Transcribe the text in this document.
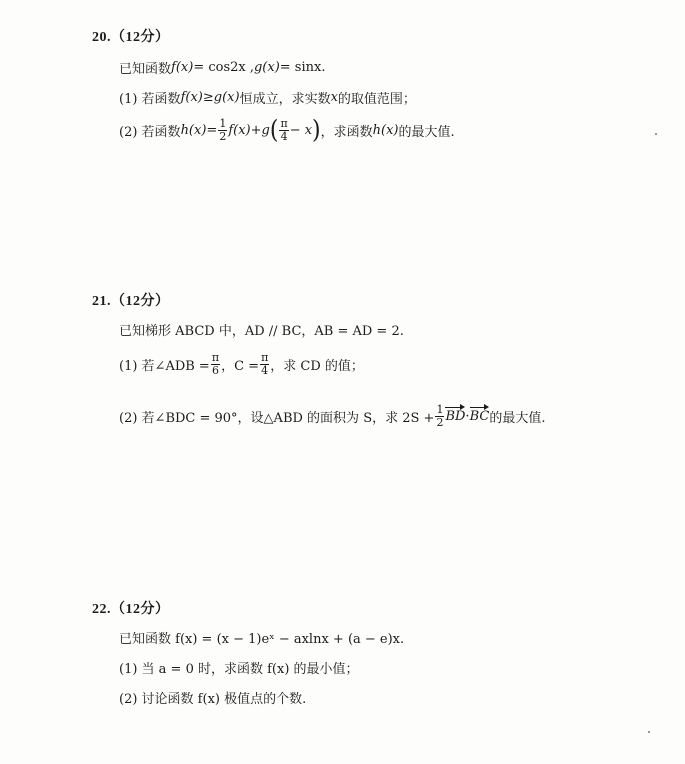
20.（12分）
已知函数 f(x) = cos2x , g(x) = sinx.
(1) 若函数 f(x) ≥ g(x) 恒成立，求实数 x 的取值范围；
(2) 若函数 $h(x) = \frac{1}{2} f(x) + g$ ( $\frac{\pi}{4} - x$ ) ，求函数 h(x) 的最大值.
21.（12分）
已知梯形 ABCD 中，AD // BC，AB = AD = 2.
(1) 若∠ADB = $\frac{\pi}{6}$ ，$C = \frac{\pi}{4}$ ，求 CD 的值；
(2) 若∠BDC = 90°，设△ABD 的面积为 S，求 $2S + \frac{1}{2}$ BD · BC 的最大值.
22.（12分）
已知函数 f(x) = (x − 1)eˣ − axlnx + (a − e)x.
(1) 当 a = 0 时，求函数 f(x) 的最小值；
(2) 讨论函数 f(x) 极值点的个数.
